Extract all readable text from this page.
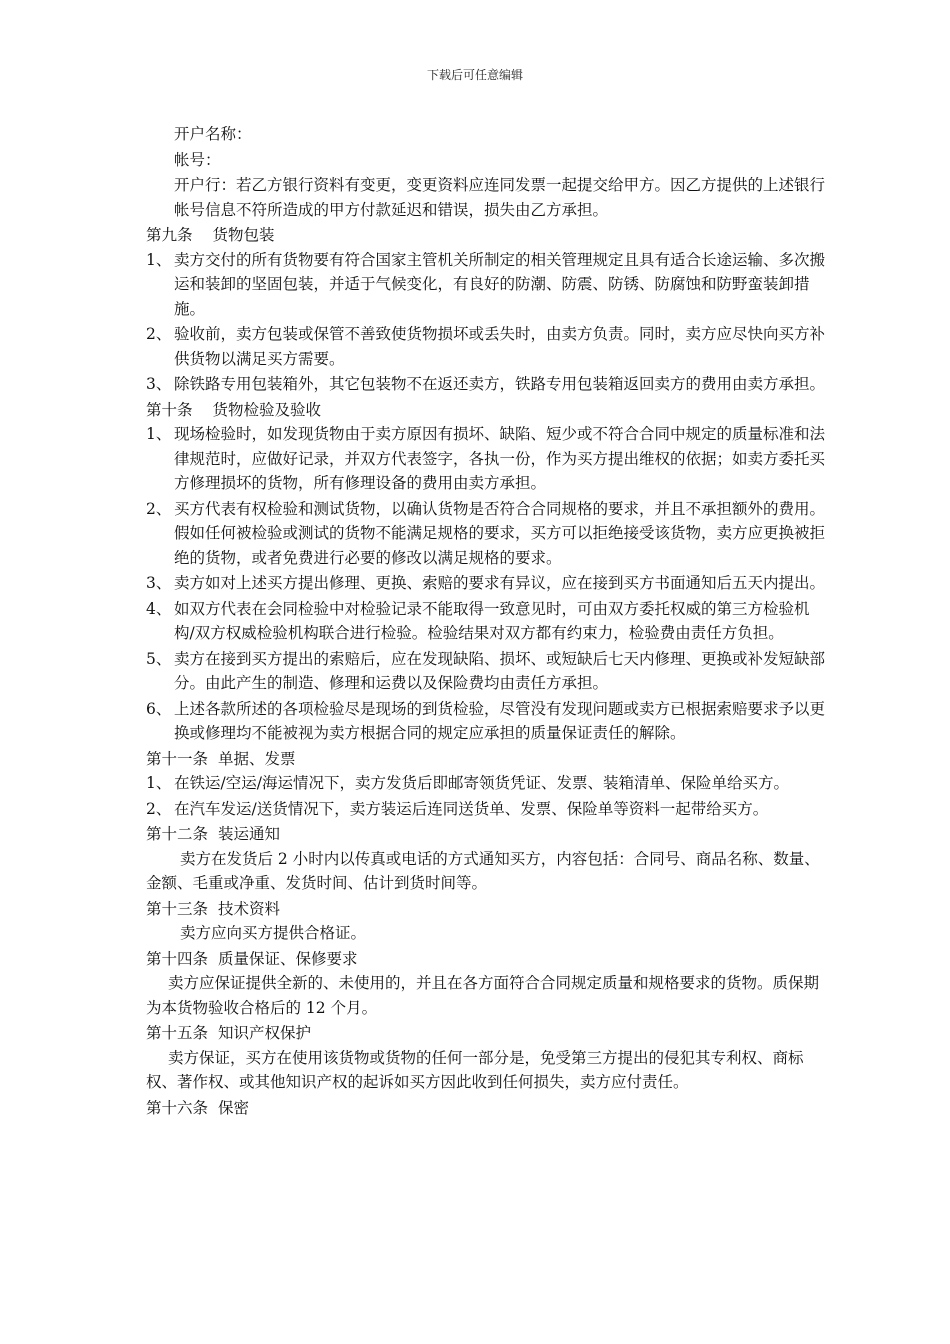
下载后可任意编辑
开户名称：
帐号：
开户行：若乙方银行资料有变更，变更资料应连同发票一起提交给甲方。因乙方提供的上述银行帐号信息不符所造成的甲方付款延迟和错误，损失由乙方承担。
第九条 货物包装
1、 卖方交付的所有货物要有符合国家主管机关所制定的相关管理规定且具有适合长途运输、多次搬运和装卸的坚固包装，并适于气候变化，有良好的防潮、防震、防锈、防腐蚀和防野蛮装卸措施。
2、 验收前，卖方包装或保管不善致使货物损坏或丢失时，由卖方负责。同时，卖方应尽快向买方补供货物以满足买方需要。
3、 除铁路专用包装箱外，其它包装物不在返还卖方，铁路专用包装箱返回卖方的费用由卖方承担。
第十条 货物检验及验收
1、 现场检验时，如发现货物由于卖方原因有损坏、缺陷、短少或不符合合同中规定的质量标准和法律规范时，应做好记录，并双方代表签字，各执一份，作为买方提出维权的依据；如卖方委托买方修理损坏的货物，所有修理设备的费用由卖方承担。
2、 买方代表有权检验和测试货物，以确认货物是否符合合同规格的要求，并且不承担额外的费用。假如任何被检验或测试的货物不能满足规格的要求，买方可以拒绝接受该货物，卖方应更换被拒绝的货物，或者免费进行必要的修改以满足规格的要求。
3、 卖方如对上述买方提出修理、更换、索赔的要求有异议，应在接到买方书面通知后五天内提出。
4、 如双方代表在会同检验中对检验记录不能取得一致意见时，可由双方委托权威的第三方检验机构/双方权威检验机构联合进行检验。检验结果对双方都有约束力，检验费由责任方负担。
5、 卖方在接到买方提出的索赔后，应在发现缺陷、损坏、或短缺后七天内修理、更换或补发短缺部分。由此产生的制造、修理和运费以及保险费均由责任方承担。
6、 上述各款所述的各项检验尽是现场的到货检验，尽管没有发现问题或卖方已根据索赔要求予以更换或修理均不能被视为卖方根据合同的规定应承担的质量保证责任的解除。
第十一条 单据、发票
1、 在铁运/空运/海运情况下，卖方发货后即邮寄领货凭证、发票、装箱清单、保险单给买方。
2、 在汽车发运/送货情况下，卖方装运后连同送货单、发票、保险单等资料一起带给买方。
第十二条 装运通知
卖方在发货后 2 小时内以传真或电话的方式通知买方，内容包括：合同号、商品名称、数量、金额、毛重或净重、发货时间、估计到货时间等。
第十三条 技术资料
卖方应向买方提供合格证。
第十四条 质量保证、保修要求
卖方应保证提供全新的、未使用的，并且在各方面符合合同规定质量和规格要求的货物。质保期为本货物验收合格后的 12 个月。
第十五条 知识产权保护
卖方保证，买方在使用该货物或货物的任何一部分是，免受第三方提出的侵犯其专利权、商标权、著作权、或其他知识产权的起诉如买方因此收到任何损失，卖方应付责任。
第十六条 保密
